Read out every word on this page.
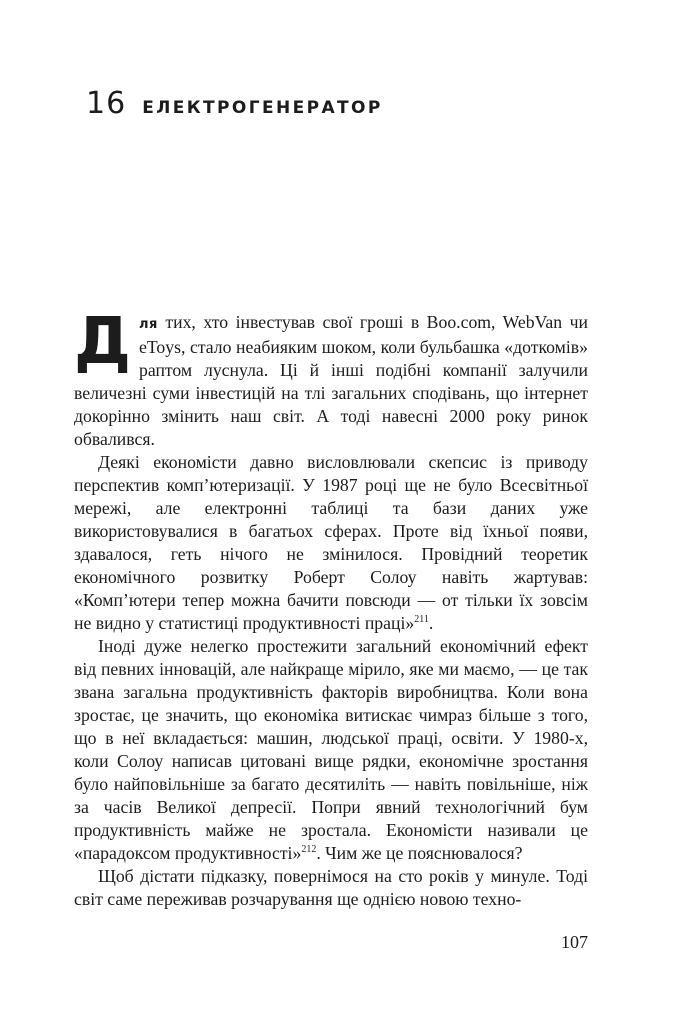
16 ЕЛЕКТРОГЕНЕРАТОР

Для тих, хто інвестував свої гроші в Boo.com, WebVan чи eToys, стало неабияким шоком, коли бульбашка «доткомів» раптом луснула. Ці й інші подібні компанії залучили величезні суми інвестицій на тлі загальних сподівань, що інтернет докорінно змінить наш світ. А тоді навесні 2000 року ринок обвалився.

Деякі економісти давно висловлювали скепсис із приводу перспектив комп’ютеризації. У 1987 році ще не було Всесвітньої мережі, але електронні таблиці та бази даних уже використовувалися в багатьох сферах. Проте від їхньої появи, здавалося, геть нічого не змінилося. Провідний теоретик економічного розвитку Роберт Солоу навіть жартував: «Комп’ютери тепер можна бачити повсюди — от тільки їх зовсім не видно у статистиці продуктивності праці»$^{211}$.

Іноді дуже нелегко простежити загальний економічний ефект від певних інновацій, але найкраще мірило, яке ми маємо, — це так звана загальна продуктивність факторів виробництва. Коли вона зростає, це значить, що економіка витискає чимраз більше з того, що в неї вкладається: машин, людської праці, освіти. У 1980-х, коли Солоу написав цитовані вище рядки, економічне зростання було найповільніше за багато десятиліть — навіть повільніше, ніж за часів Великої депресії. Попри явний технологічний бум продуктивність майже не зростала. Економісти називали це «парадоксом продуктивності»$^{212}$. Чим же це пояснювалося?

Щоб дістати підказку, повернімося на сто років у минуле. Тоді світ саме переживав розчарування ще однією новою техно-

107
